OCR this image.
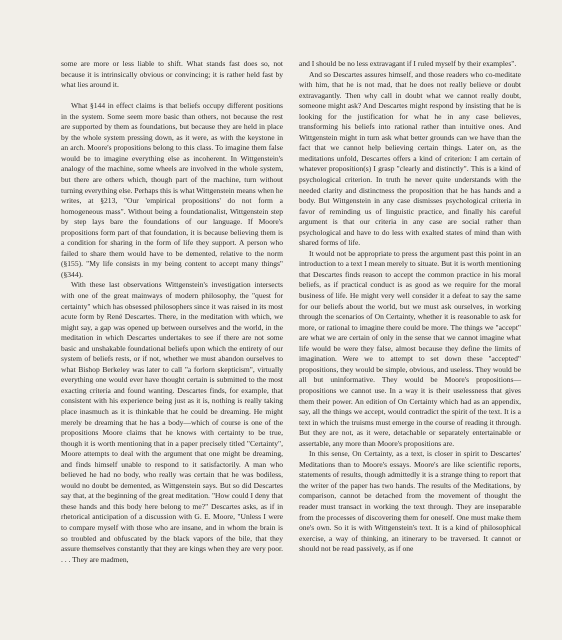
some are more or less liable to shift. What stands fast does so, not because it is intrinsically obvious or convincing; it is rather held fast by what lies around it.

What §144 in effect claims is that beliefs occupy different positions in the system. Some seem more basic than others, not because the rest are supported by them as foundations, but because they are held in place by the whole system pressing down, as it were, as with the keystone in an arch. Moore's propositions belong to this class. To imagine them false would be to imagine everything else as incoherent. In Wittgenstein's analogy of the machine, some wheels are involved in the whole system, but there are others which, though part of the machine, turn without turning everything else. Perhaps this is what Wittgenstein means when he writes, at §213, "Our 'empirical propositions' do not form a homogeneous mass". Without being a foundationalist, Wittgenstein step by step lays bare the foundations of our language. If Moore's propositions form part of that foundation, it is because believing them is a condition for sharing in the form of life they support. A person who failed to share them would have to be demented, relative to the norm (§155). "My life consists in my being content to accept many things" (§344).

With these last observations Wittgenstein's investigation intersects with one of the great mainways of modern philosophy, the "quest for certainty" which has obsessed philosophers since it was raised in its most acute form by René Descartes. There, in the meditation with which, we might say, a gap was opened up between ourselves and the world, in the meditation in which Descartes undertakes to see if there are not some basic and unshakable foundational beliefs upon which the entirety of our system of beliefs rests, or if not, whether we must abandon ourselves to what Bishop Berkeley was later to call "a forlorn skepticism", virtually everything one would ever have thought certain is submitted to the most exacting criteria and found wanting. Descartes finds, for example, that consistent with his experience being just as it is, nothing is really taking place inasmuch as it is thinkable that he could be dreaming. He might merely be dreaming that he has a body—which of course is one of the propositions Moore claims that he knows with certainty to be true, though it is worth mentioning that in a paper precisely titled "Certainty", Moore attempts to deal with the argument that one might be dreaming, and finds himself unable to respond to it satisfactorily. A man who believed he had no body, who really was certain that he was bodiless, would no doubt be demented, as Wittgenstein says. But so did Descartes say that, at the beginning of the great meditation. "How could I deny that these hands and this body here belong to me?" Descartes asks, as if in rhetorical anticipation of a discussion with G. E. Moore, "Unless I were to compare myself with those who are insane, and in whom the brain is so troubled and obfuscated by the black vapors of the bile, that they assure themselves constantly that they are kings when they are very poor. . . . They are madmen,

and I should be no less extravagant if I ruled myself by their examples".

And so Descartes assures himself, and those readers who co-meditate with him, that he is not mad, that he does not really believe or doubt extravagantly. Then why call in doubt what we cannot really doubt, someone might ask? And Descartes might respond by insisting that he is looking for the justification for what he in any case believes, transforming his beliefs into rational rather than intuitive ones. And Wittgenstein might in turn ask what better grounds can we have than the fact that we cannot help believing certain things. Later on, as the meditations unfold, Descartes offers a kind of criterion: I am certain of whatever proposition(s) I grasp "clearly and distinctly". This is a kind of psychological criterion. In truth he never quite understands with the needed clarity and distinctness the proposition that he has hands and a body. But Wittgenstein in any case dismisses psychological criteria in favor of reminding us of linguistic practice, and finally his careful argument is that our criteria in any case are social rather than psychological and have to do less with exalted states of mind than with shared forms of life.

It would not be appropriate to press the argument past this point in an introduction to a text I mean merely to situate. But it is worth mentioning that Descartes finds reason to accept the common practice in his moral beliefs, as if practical conduct is as good as we require for the moral business of life. He might very well consider it a defeat to say the same for our beliefs about the world, but we must ask ourselves, in working through the scenarios of On Certainty, whether it is reasonable to ask for more, or rational to imagine there could be more. The things we "accept" are what we are certain of only in the sense that we cannot imagine what life would be were they false, almost because they define the limits of imagination. Were we to attempt to set down these "accepted" propositions, they would be simple, obvious, and useless. They would be all but uninformative. They would be Moore's propositions—propositions we cannot use. In a way it is their uselessness that gives them their power. An edition of On Certainty which had as an appendix, say, all the things we accept, would contradict the spirit of the text. It is a text in which the truisms must emerge in the course of reading it through. But they are not, as it were, detachable or separately entertainable or assertable, any more than Moore's propositions are.

In this sense, On Certainty, as a text, is closer in spirit to Descartes' Meditations than to Moore's essays. Moore's are like scientific reports, statements of results, though admittedly it is a strange thing to report that the writer of the paper has two hands. The results of the Meditations, by comparison, cannot be detached from the movement of thought the reader must transact in working the text through. They are inseparable from the processes of discovering them for oneself. One must make them one's own. So it is with Wittgenstein's text. It is a kind of philosophical exercise, a way of thinking, an itinerary to be traversed. It cannot or should not be read passively, as if one
